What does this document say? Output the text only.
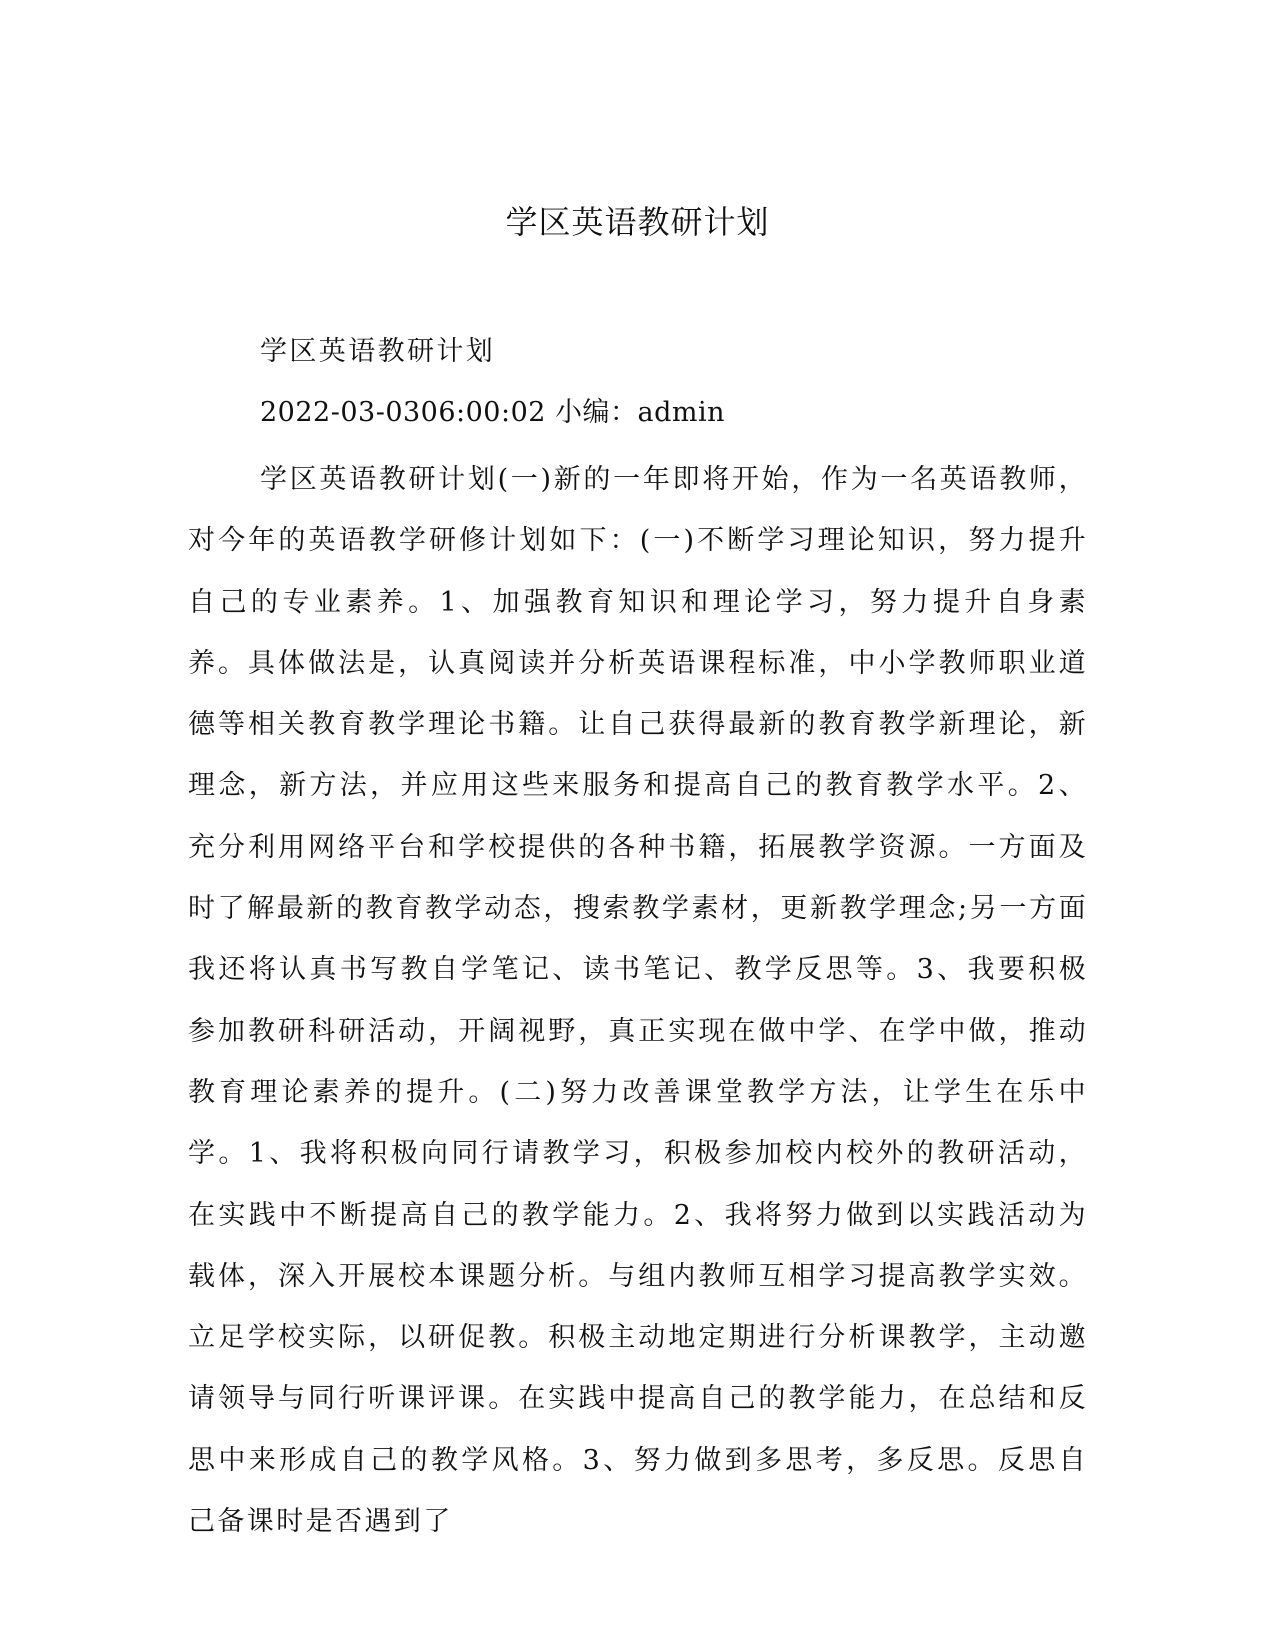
学区英语教研计划

学区英语教研计划

2022-03-0306:00:02 小编：admin

学区英语教研计划(一)新的一年即将开始，作为一名英语教师，对今年的英语教学研修计划如下：(一)不断学习理论知识，努力提升自己的专业素养。1、加强教育知识和理论学习，努力提升自身素养。具体做法是，认真阅读并分析英语课程标准，中小学教师职业道德等相关教育教学理论书籍。让自己获得最新的教育教学新理论，新理念，新方法，并应用这些来服务和提高自己的教育教学水平。2、充分利用网络平台和学校提供的各种书籍，拓展教学资源。一方面及时了解最新的教育教学动态，搜索教学素材，更新教学理念;另一方面我还将认真书写教自学笔记、读书笔记、教学反思等。3、我要积极参加教研科研活动，开阔视野，真正实现在做中学、在学中做，推动教育理论素养的提升。(二)努力改善课堂教学方法，让学生在乐中学。1、我将积极向同行请教学习，积极参加校内校外的教研活动，在实践中不断提高自己的教学能力。2、我将努力做到以实践活动为载体，深入开展校本课题分析。与组内教师互相学习提高教学实效。立足学校实际，以研促教。积极主动地定期进行分析课教学，主动邀请领导与同行听课评课。在实践中提高自己的教学能力，在总结和反思中来形成自己的教学风格。3、努力做到多思考，多反思。反思自己备课时是否遇到了
